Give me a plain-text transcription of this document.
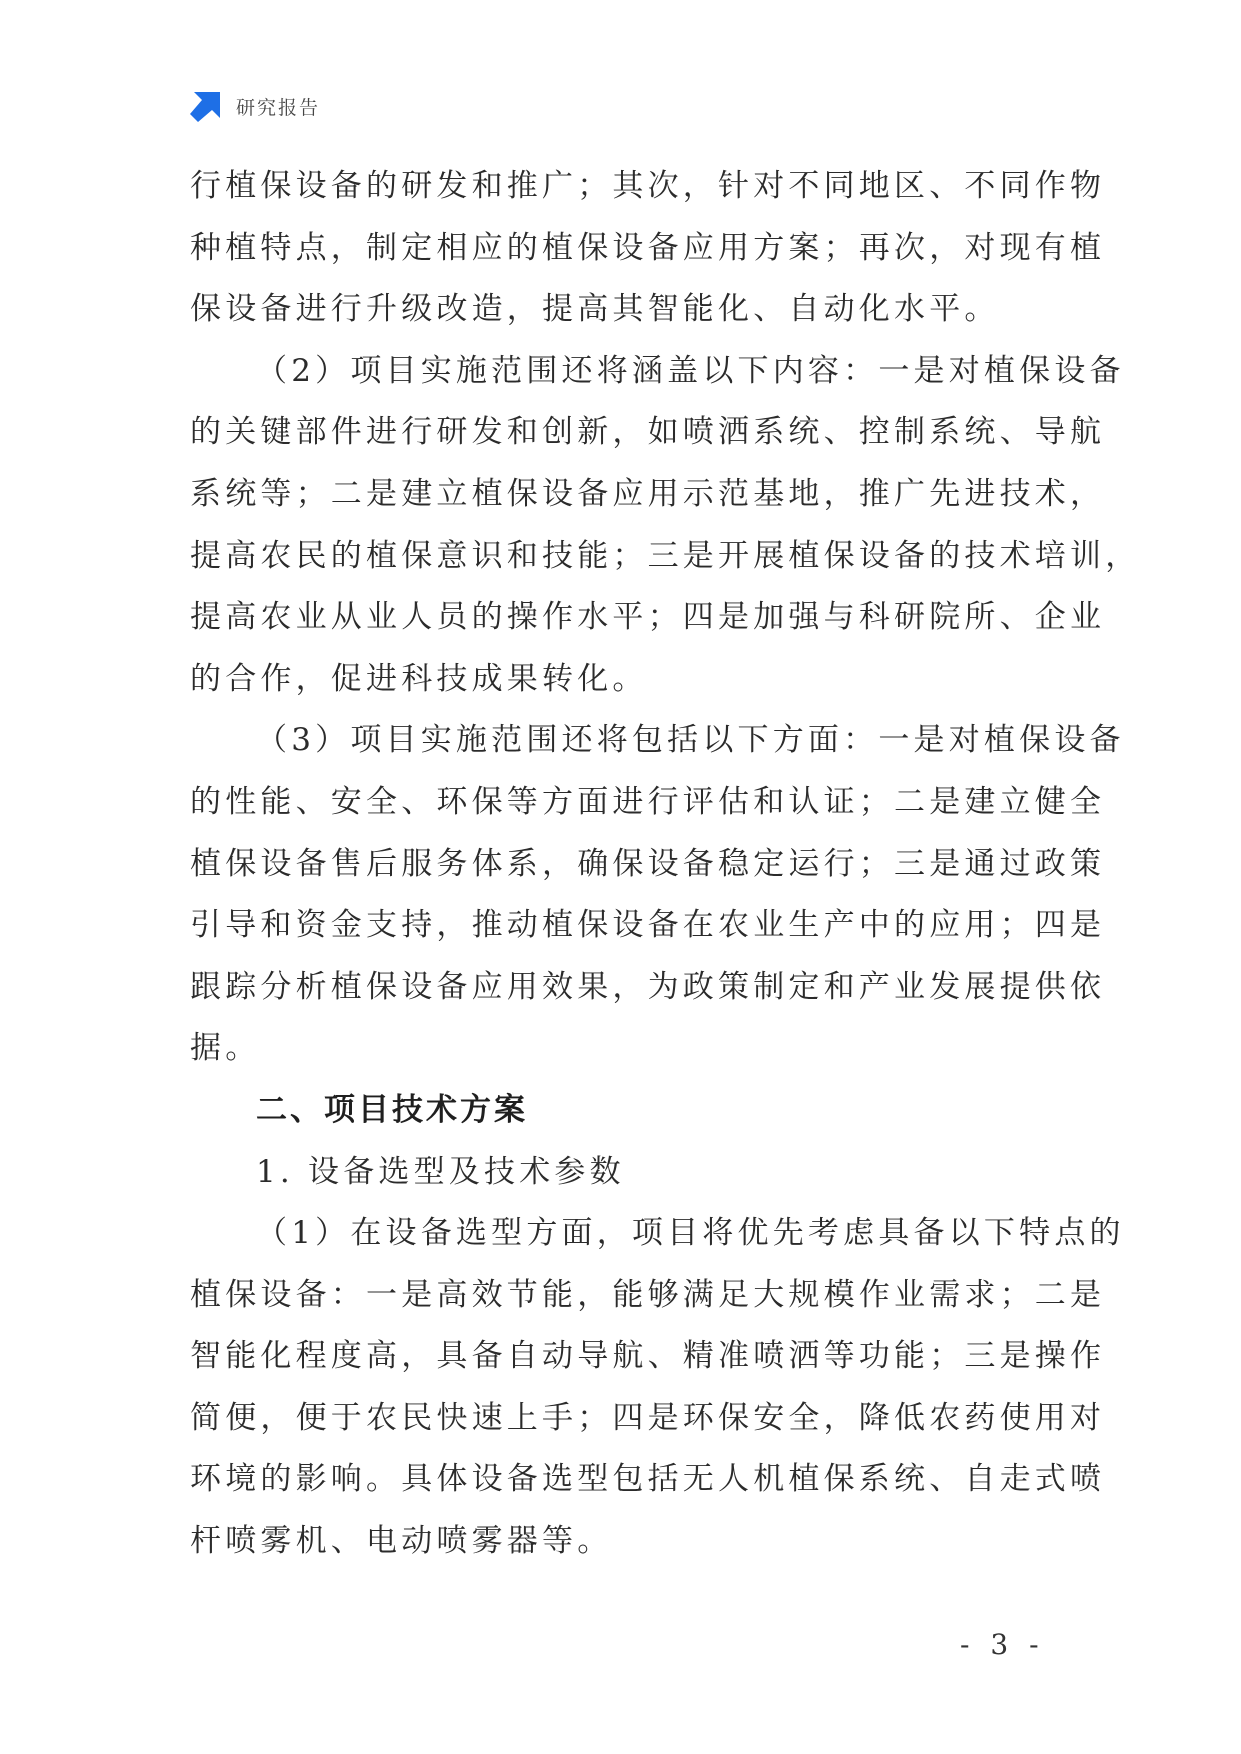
研究报告
行植保设备的研发和推广；其次，针对不同地区、不同作物
种植特点，制定相应的植保设备应用方案；再次，对现有植
保设备进行升级改造，提高其智能化、自动化水平。
（2）项目实施范围还将涵盖以下内容：一是对植保设备
的关键部件进行研发和创新，如喷洒系统、控制系统、导航
系统等；二是建立植保设备应用示范基地，推广先进技术，
提高农民的植保意识和技能；三是开展植保设备的技术培训，
提高农业从业人员的操作水平；四是加强与科研院所、企业
的合作，促进科技成果转化。
（3）项目实施范围还将包括以下方面：一是对植保设备
的性能、安全、环保等方面进行评估和认证；二是建立健全
植保设备售后服务体系，确保设备稳定运行；三是通过政策
引导和资金支持，推动植保设备在农业生产中的应用；四是
跟踪分析植保设备应用效果，为政策制定和产业发展提供依
据。
二、项目技术方案
1. 设备选型及技术参数
（1）在设备选型方面，项目将优先考虑具备以下特点的
植保设备：一是高效节能，能够满足大规模作业需求；二是
智能化程度高，具备自动导航、精准喷洒等功能；三是操作
简便，便于农民快速上手；四是环保安全，降低农药使用对
环境的影响。具体设备选型包括无人机植保系统、自走式喷
杆喷雾机、电动喷雾器等。
- 3 -
